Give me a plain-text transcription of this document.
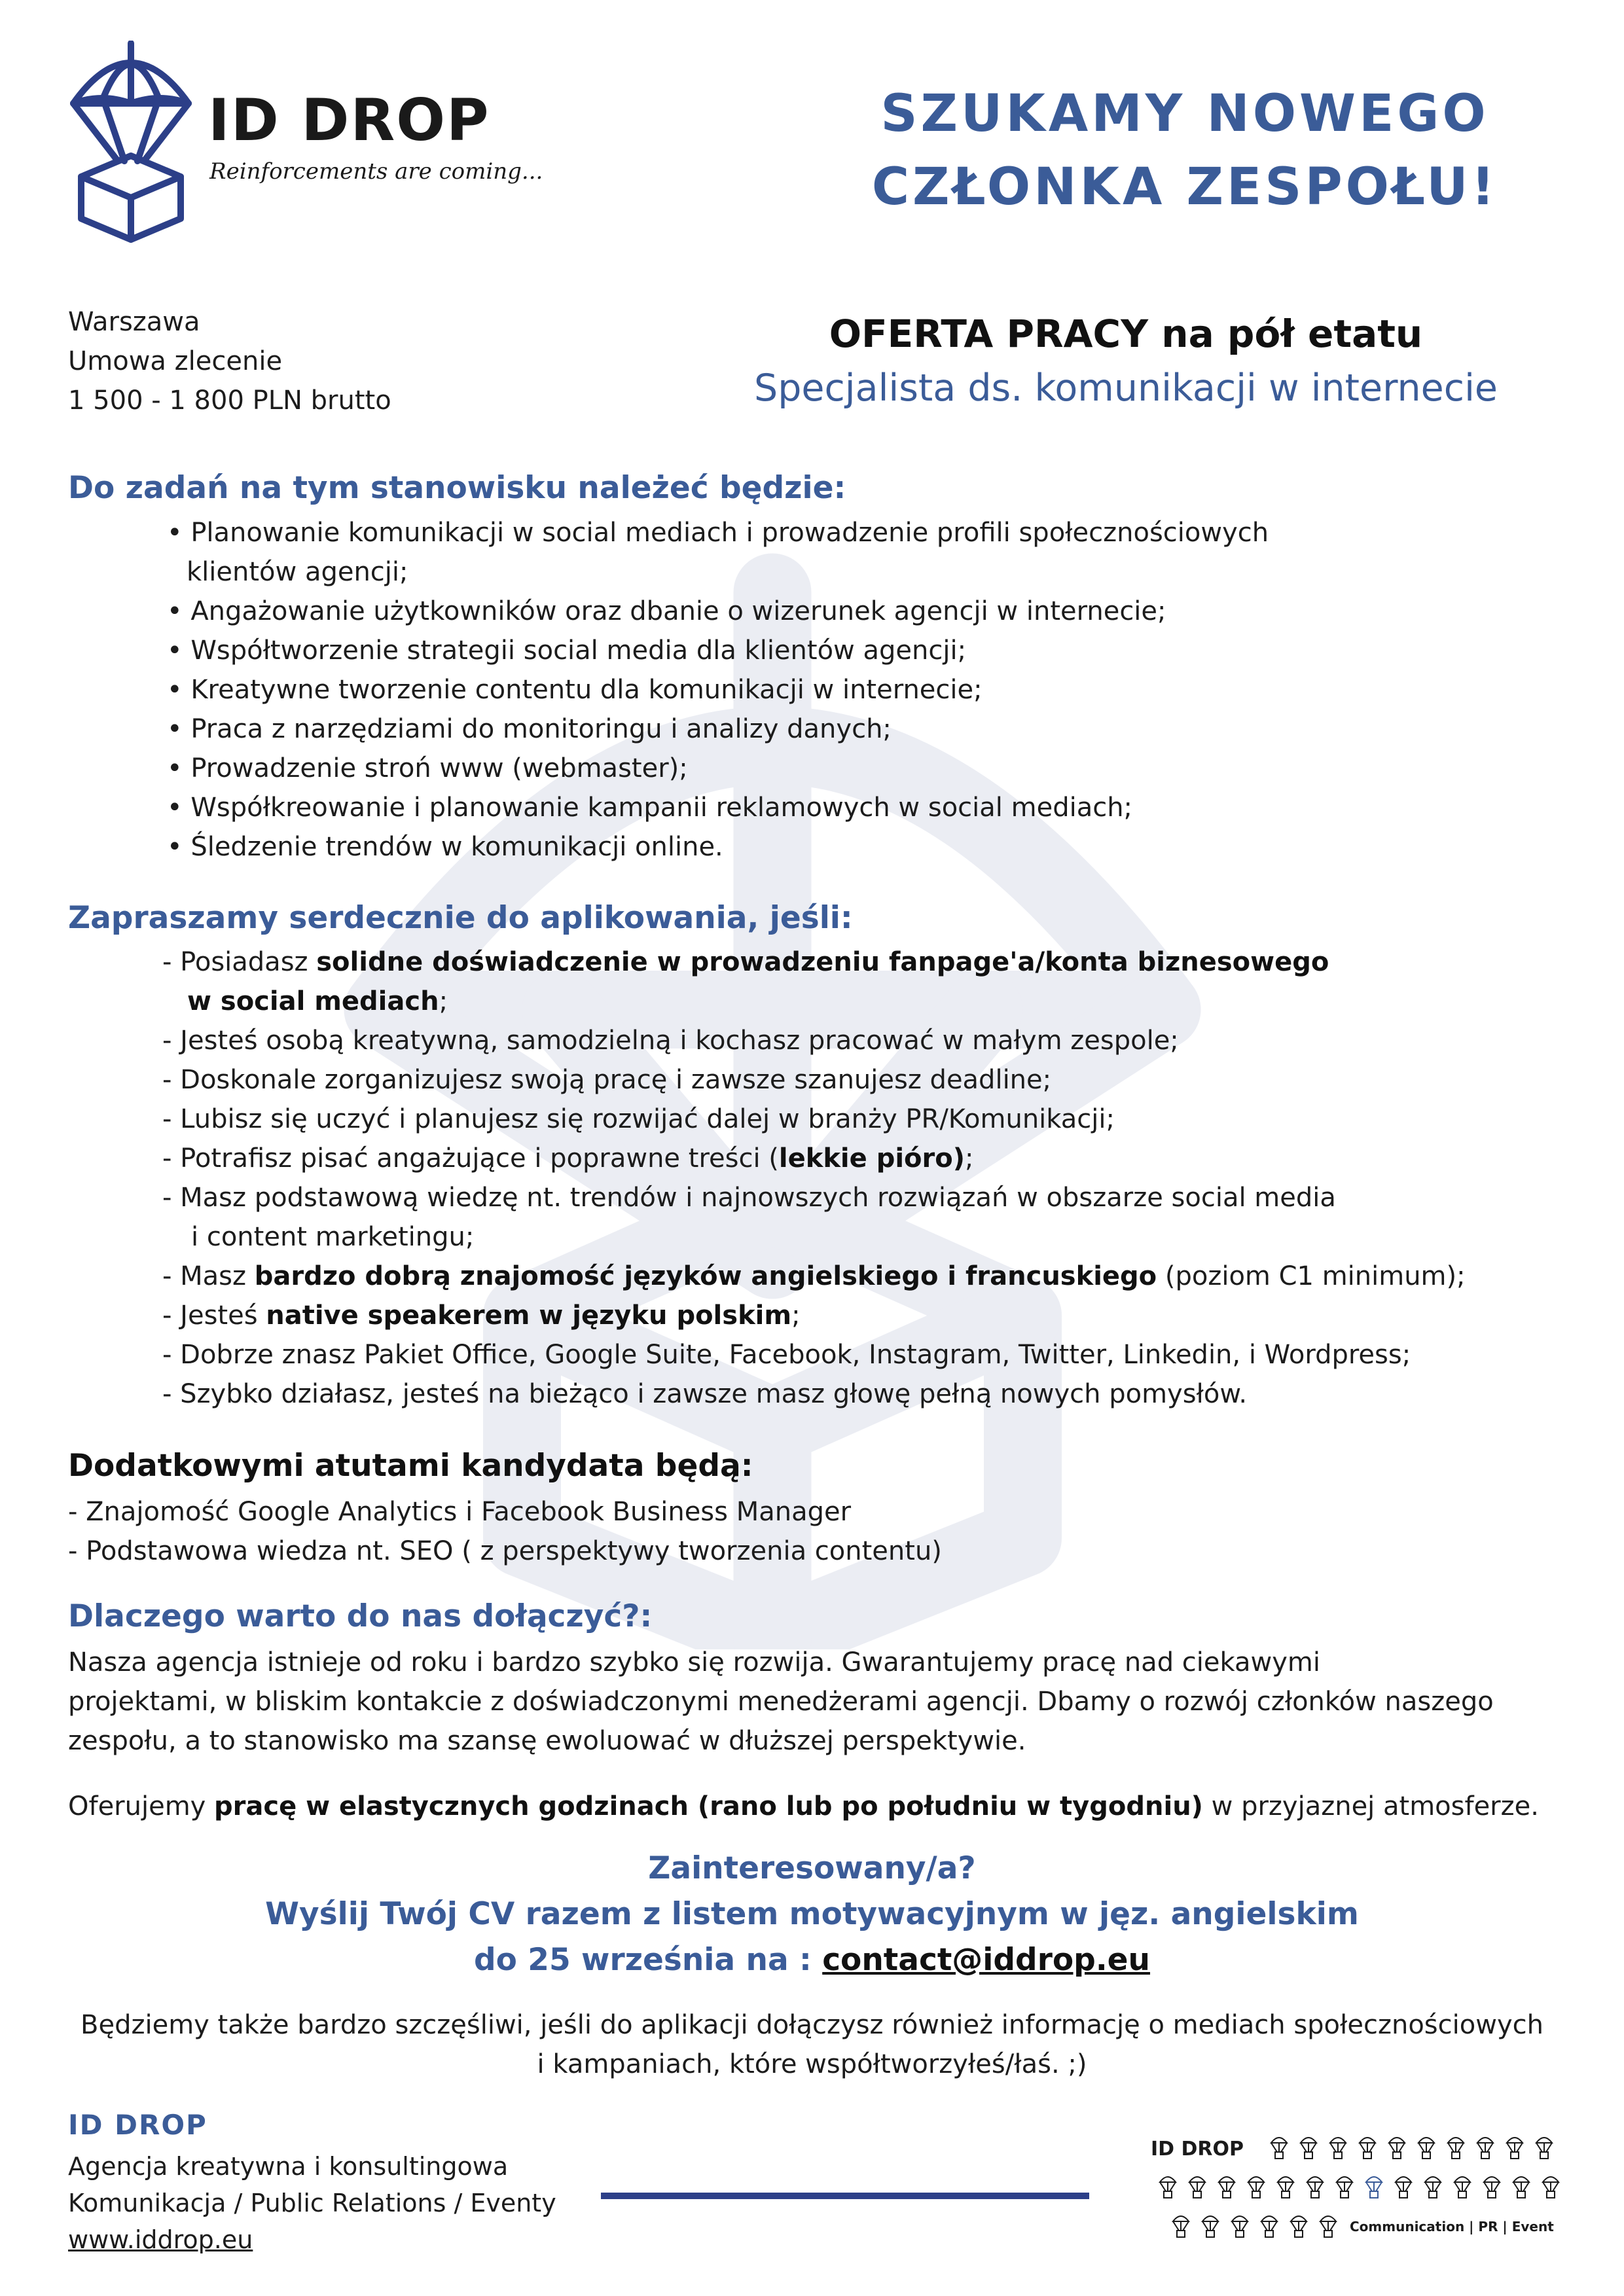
ID DROP
Reinforcements are coming...
SZUKAMY NOWEGO
CZŁONKA ZESPOŁU!
Warszawa
Umowa zlecenie
1 500 - 1 800 PLN brutto
OFERTA PRACY na pół etatu
Specjalista ds. komunikacji w internecie
Do zadań na tym stanowisku należeć będzie:
• Planowanie komunikacji w social mediach i prowadzenie profili społecznościowych
klientów agencji;
• Angażowanie użytkowników oraz dbanie o wizerunek agencji w internecie;
• Współtworzenie strategii social media dla klientów agencji;
• Kreatywne tworzenie contentu dla komunikacji w internecie;
• Praca z narzędziami do monitoringu i analizy danych;
• Prowadzenie stroń www (webmaster);
• Współkreowanie i planowanie kampanii reklamowych w social mediach;
• Śledzenie trendów w komunikacji online.
Zapraszamy serdecznie do aplikowania, jeśli:
- Posiadasz solidne doświadczenie w prowadzeniu fanpage'a/konta biznesowego
w social mediach;
- Jesteś osobą kreatywną, samodzielną i kochasz pracować w małym zespole;
- Doskonale zorganizujesz swoją pracę i zawsze szanujesz deadline;
- Lubisz się uczyć i planujesz się rozwijać dalej w branży PR/Komunikacji;
- Potrafisz pisać angażujące i poprawne treści (lekkie pióro);
- Masz podstawową wiedzę nt. trendów i najnowszych rozwiązań w obszarze social media
i content marketingu;
- Masz bardzo dobrą znajomość języków angielskiego i francuskiego (poziom C1 minimum);
- Jesteś native speakerem w języku polskim;
- Dobrze znasz Pakiet Office, Google Suite, Facebook, Instagram, Twitter, Linkedin, i Wordpress;
- Szybko działasz, jesteś na bieżąco i zawsze masz głowę pełną nowych pomysłów.
Dodatkowymi atutami kandydata będą:
- Znajomość Google Analytics i Facebook Business Manager
- Podstawowa wiedza nt. SEO ( z perspektywy tworzenia contentu)
Dlaczego warto do nas dołączyć?:
Nasza agencja istnieje od roku i bardzo szybko się rozwija. Gwarantujemy pracę nad ciekawymi
projektami, w bliskim kontakcie z doświadczonymi menedżerami agencji. Dbamy o rozwój członków naszego
zespołu, a to stanowisko ma szansę ewoluować w dłuższej perspektywie.
Oferujemy pracę w elastycznych godzinach (rano lub po południu w tygodniu) w przyjaznej atmosferze.
Zainteresowany/a?
Wyślij Twój CV razem z listem motywacyjnym w jęz. angielskim
do 25 września na : contact@iddrop.eu
Będziemy także bardzo szczęśliwi, jeśli do aplikacji dołączysz również informację o mediach społecznościowych
i kampaniach, które współtworzyłeś/łaś. ;)
ID DROP
Agencja kreatywna i konsultingowa
Komunikacja / Public Relations / Eventy
www.iddrop.eu
ID DROP
Communication | PR | Event
